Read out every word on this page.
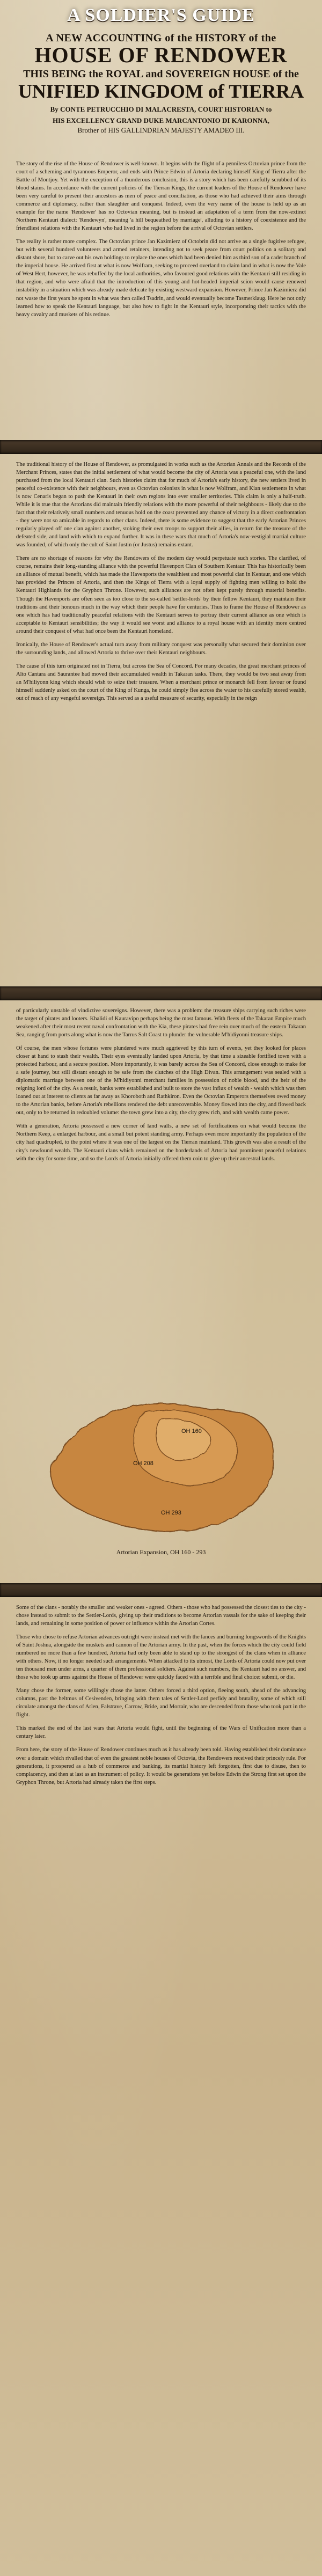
A SOLDIER'S GUIDE

A NEW ACCOUNTING of the HISTORY of the

HOUSE OF RENDOWER

THIS BEING the ROYAL and SOVEREIGN HOUSE of the

UNIFIED KINGDOM of TIERRA

By CONTE PETRUCCHIO DI MALACRESTA, COURT HISTORIAN to

HIS EXCELLENCY GRAND DUKE MARCANTONIO DI KARONNA,

Brother of HIS GALLINDRIAN MAJESTY AMADEO III.

The story of the rise of the House of Rendower is well-known. It begins with the flight of a penniless Octovian prince from the court of a scheming and tyrannous Emperor, and ends with Prince Edwin of Artoria declaring himself King of Tierra after the Battle of Montjoy. Yet with the exception of a thunderous conclusion, this is a story which has been carefully scrubbed of its blood stains. In accordance with the current policies of the Tierran Kings, the current leaders of the House of Rendower have been very careful to present their ancestors as men of peace and conciliation, as those who had achieved their aims through commerce and diplomacy, rather than slaughter and conquest. Indeed, even the very name of the house is held up as an example for the name 'Rendower' has no Octovian meaning, but is instead an adaptation of a term from the now-extinct Northern Kentauri dialect: 'Rendewyn', meaning 'a hill bequeathed by marriage', alluding to a history of coexistence and the friendliest relations with the Kentauri who had lived in the region before the arrival of Octovian settlers.

The reality is rather more complex. The Octovian prince Jan Kazimierz of Octobrin did not arrive as a single fugitive refugee, but with several hundred volunteers and armed retainers, intending not to seek peace from court politics on a solitary and distant shore, but to carve out his own holdings to replace the ones which had been denied him as third son of a cadet branch of the imperial house. He arrived first at what is now Wolfram, seeking to proceed overland to claim land in what is now the Vale of West Hert, however, he was rebuffed by the local authorities, who favoured good relations with the Kentauri still residing in that region, and who were afraid that the introduction of this young and hot-headed imperial scion would cause renewed instability in a situation which was already made delicate by existing westward expansion. However, Prince Jan Kazimierz did not waste the first years he spent in what was then called Tsadrin, and would eventually become Tasmerklaug. Here he not only learned how to speak the Kentauri language, but also how to fight in the Kentauri style, incorporating their tactics with the heavy cavalry and muskets of his retinue.

The traditional history of the House of Rendower, as promulgated in works such as the Artorian Annals and the Records of the Merchant Princes, states that the initial settlement of what would become the city of Artoria was a peaceful one, with the land purchased from the local Kentauri clan. Such histories claim that for much of Artoria's early history, the new settlers lived in peaceful co-existence with their neighbours, even as Octovian colonists in what is now Wolfram, and Kian settlements in what is now Cenaris began to push the Kentauri in their own regions into ever smaller territories. This claim is only a half-truth. While it is true that the Artorians did maintain friendly relations with the more powerful of their neighbours - likely due to the fact that their relatively small numbers and tenuous hold on the coast prevented any chance of victory in a direct confrontation - they were not so amicable in regards to other clans. Indeed, there is some evidence to suggest that the early Artorian Princes regularly played off one clan against another, stoking their own troops to support their allies, in return for the treasure of the defeated side, and land with which to expand further. It was in these wars that much of Artoria's now-vestigial martial culture was founded, of which only the cult of Saint Justin (or Justus) remains extant.

There are no shortage of reasons for why the Rendowers of the modern day would perpetuate such stories. The clarified, of course, remains their long-standing alliance with the powerful Havenport Clan of Southern Kentaur. This has historically been an alliance of mutual benefit, which has made the Havenports the wealthiest and most powerful clan in Kentaur, and one which has provided the Princes of Artoria, and then the Kings of Tierra with a loyal supply of fighting men willing to hold the Kentauri Highlands for the Gryphon Throne. However, such alliances are not often kept purely through material benefits. Though the Havenports are often seen as too close to the so-called 'settler-lords' by their fellow Kentauri, they maintain their traditions and their honours much in the way which their people have for centuries. Thus to frame the House of Rendower as one which has had traditionally peaceful relations with the Kentauri serves to portray their current alliance as one which is acceptable to Kentauri sensibilities; the way it would see worst and alliance to a royal house with an identity more centred around their conquest of what had once been the Kentauri homeland.

Ironically, the House of Rendower's actual turn away from military conquest was personally what secured their dominion over the surrounding lands, and allowed Artoria to thrive over their Kentauri neighbours.

The cause of this turn originated not in Tierra, but across the Sea of Concord. For many decades, the great merchant princes of Alto Cantara and Saurantee had moved their accumulated wealth in Takaran tasks. There, they would be two seat away from an M'hiliyonn king which should wish to seize their treasure. When a merchant prince or monarch fell from favour or found himself suddenly asked on the court of the King of Kunga, he could simply flee across the water to his carefully stored wealth, out of reach of any vengeful sovereign. This served as a useful measure of security, especially in the reign

of particularly unstable of vindictive sovereigns. However, there was a problem: the treasure ships carrying such riches were the target of pirates and looters. Khalidi of Kauravipo perhaps being the most famous. With fleets of the Takaran Empire much weakened after their most recent naval confrontation with the Kia, these pirates had free rein over much of the eastern Takaran Sea, ranging from ports along what is now the Tarrus Salt Coast to plunder the vulnerable M'hidiyonni treasure ships.

Of course, the men whose fortunes were plundered were much aggrieved by this turn of events, yet they looked for places closer at hand to stash their wealth. Their eyes eventually landed upon Artoria, by that time a sizeable fortified town with a protected harbour, and a secure position. More importantly, it was barely across the Sea of Concord, close enough to make for a safe journey, but still distant enough to be safe from the clutches of the High Divan. This arrangement was sealed with a diplomatic marriage between one of the M'hidiyonni merchant families in possession of noble blood, and the heir of the reigning lord of the city. As a result, banks were established and built to store the vast influx of wealth - wealth which was then loaned out at interest to clients as far away as Khoroboth and Rathkiron. Even the Octovian Emperors themselves owed money to the Artorian banks, before Artoria's rebellions rendered the debt unrecoverable. Money flowed into the city, and flowed back out, only to be returned in redoubled volume: the town grew into a city, the city grew rich, and with wealth came power.

With a generation, Artoria possessed a new corner of land walls, a new set of fortifications on what would become the Northern Keep, a enlarged harbour, and a small but potent standing army. Perhaps even more importantly the population of the city had quadrupled, to the point where it was one of the largest on the Tierran mainland. This growth was also a result of the city's newfound wealth. The Kentauri clans which remained on the borderlands of Artoria had prominent peaceful relations with the city for some time, and so the Lords of Artoria initially offered them coin to give up their ancestral lands.

OH 160
OH 208
OH 293
Artorian Expansion, OH 160 - 293

Some of the clans - notably the smaller and weaker ones - agreed. Others - those who had possessed the closest ties to the city - chose instead to submit to the Settler-Lords, giving up their traditions to become Artorian vassals for the sake of keeping their lands, and remaining in some position of power or influence within the Artorian Cortes.

Those who chose to refuse Artorian advances outright were instead met with the lances and burning longswords of the Knights of Saint Joshua, alongside the muskets and cannon of the Artorian army. In the past, when the forces which the city could field numbered no more than a few hundred, Artoria had only been able to stand up to the strongest of the clans when in alliance with others. Now, it no longer needed such arrangements. When attacked to its utmost, the Lords of Artoria could now put over ten thousand men under arms, a quarter of them professional soldiers. Against such numbers, the Kentauri had no answer, and those who took up arms against the House of Rendower were quickly faced with a terrible and final choice: submit, or die.

Many chose the former, some willingly chose the latter. Others forced a third option, fleeing south, ahead of the advancing columns, past the heltmus of Cesivenden, bringing with them tales of Settler-Lord perfidy and brutality, some of which still circulate amongst the clans of Arlen, Falstrave, Carrow, Bride, and Mortair, who are descended from those who took part in the flight.

This marked the end of the last wars that Artoria would fight, until the beginning of the Wars of Unification more than a century later.

From here, the story of the House of Rendower continues much as it has already been told. Having established their dominance over a domain which rivalled that of even the greatest noble houses of Octovia, the Rendowers received their princely rule. For generations, it prospered as a hub of commerce and banking, its martial history left forgotten, first due to disuse, then to complacency, and then at last as an instrument of policy. It would be generations yet before Edwin the Strong first set upon the Gryphon Throne, but Artoria had already taken the first steps.
